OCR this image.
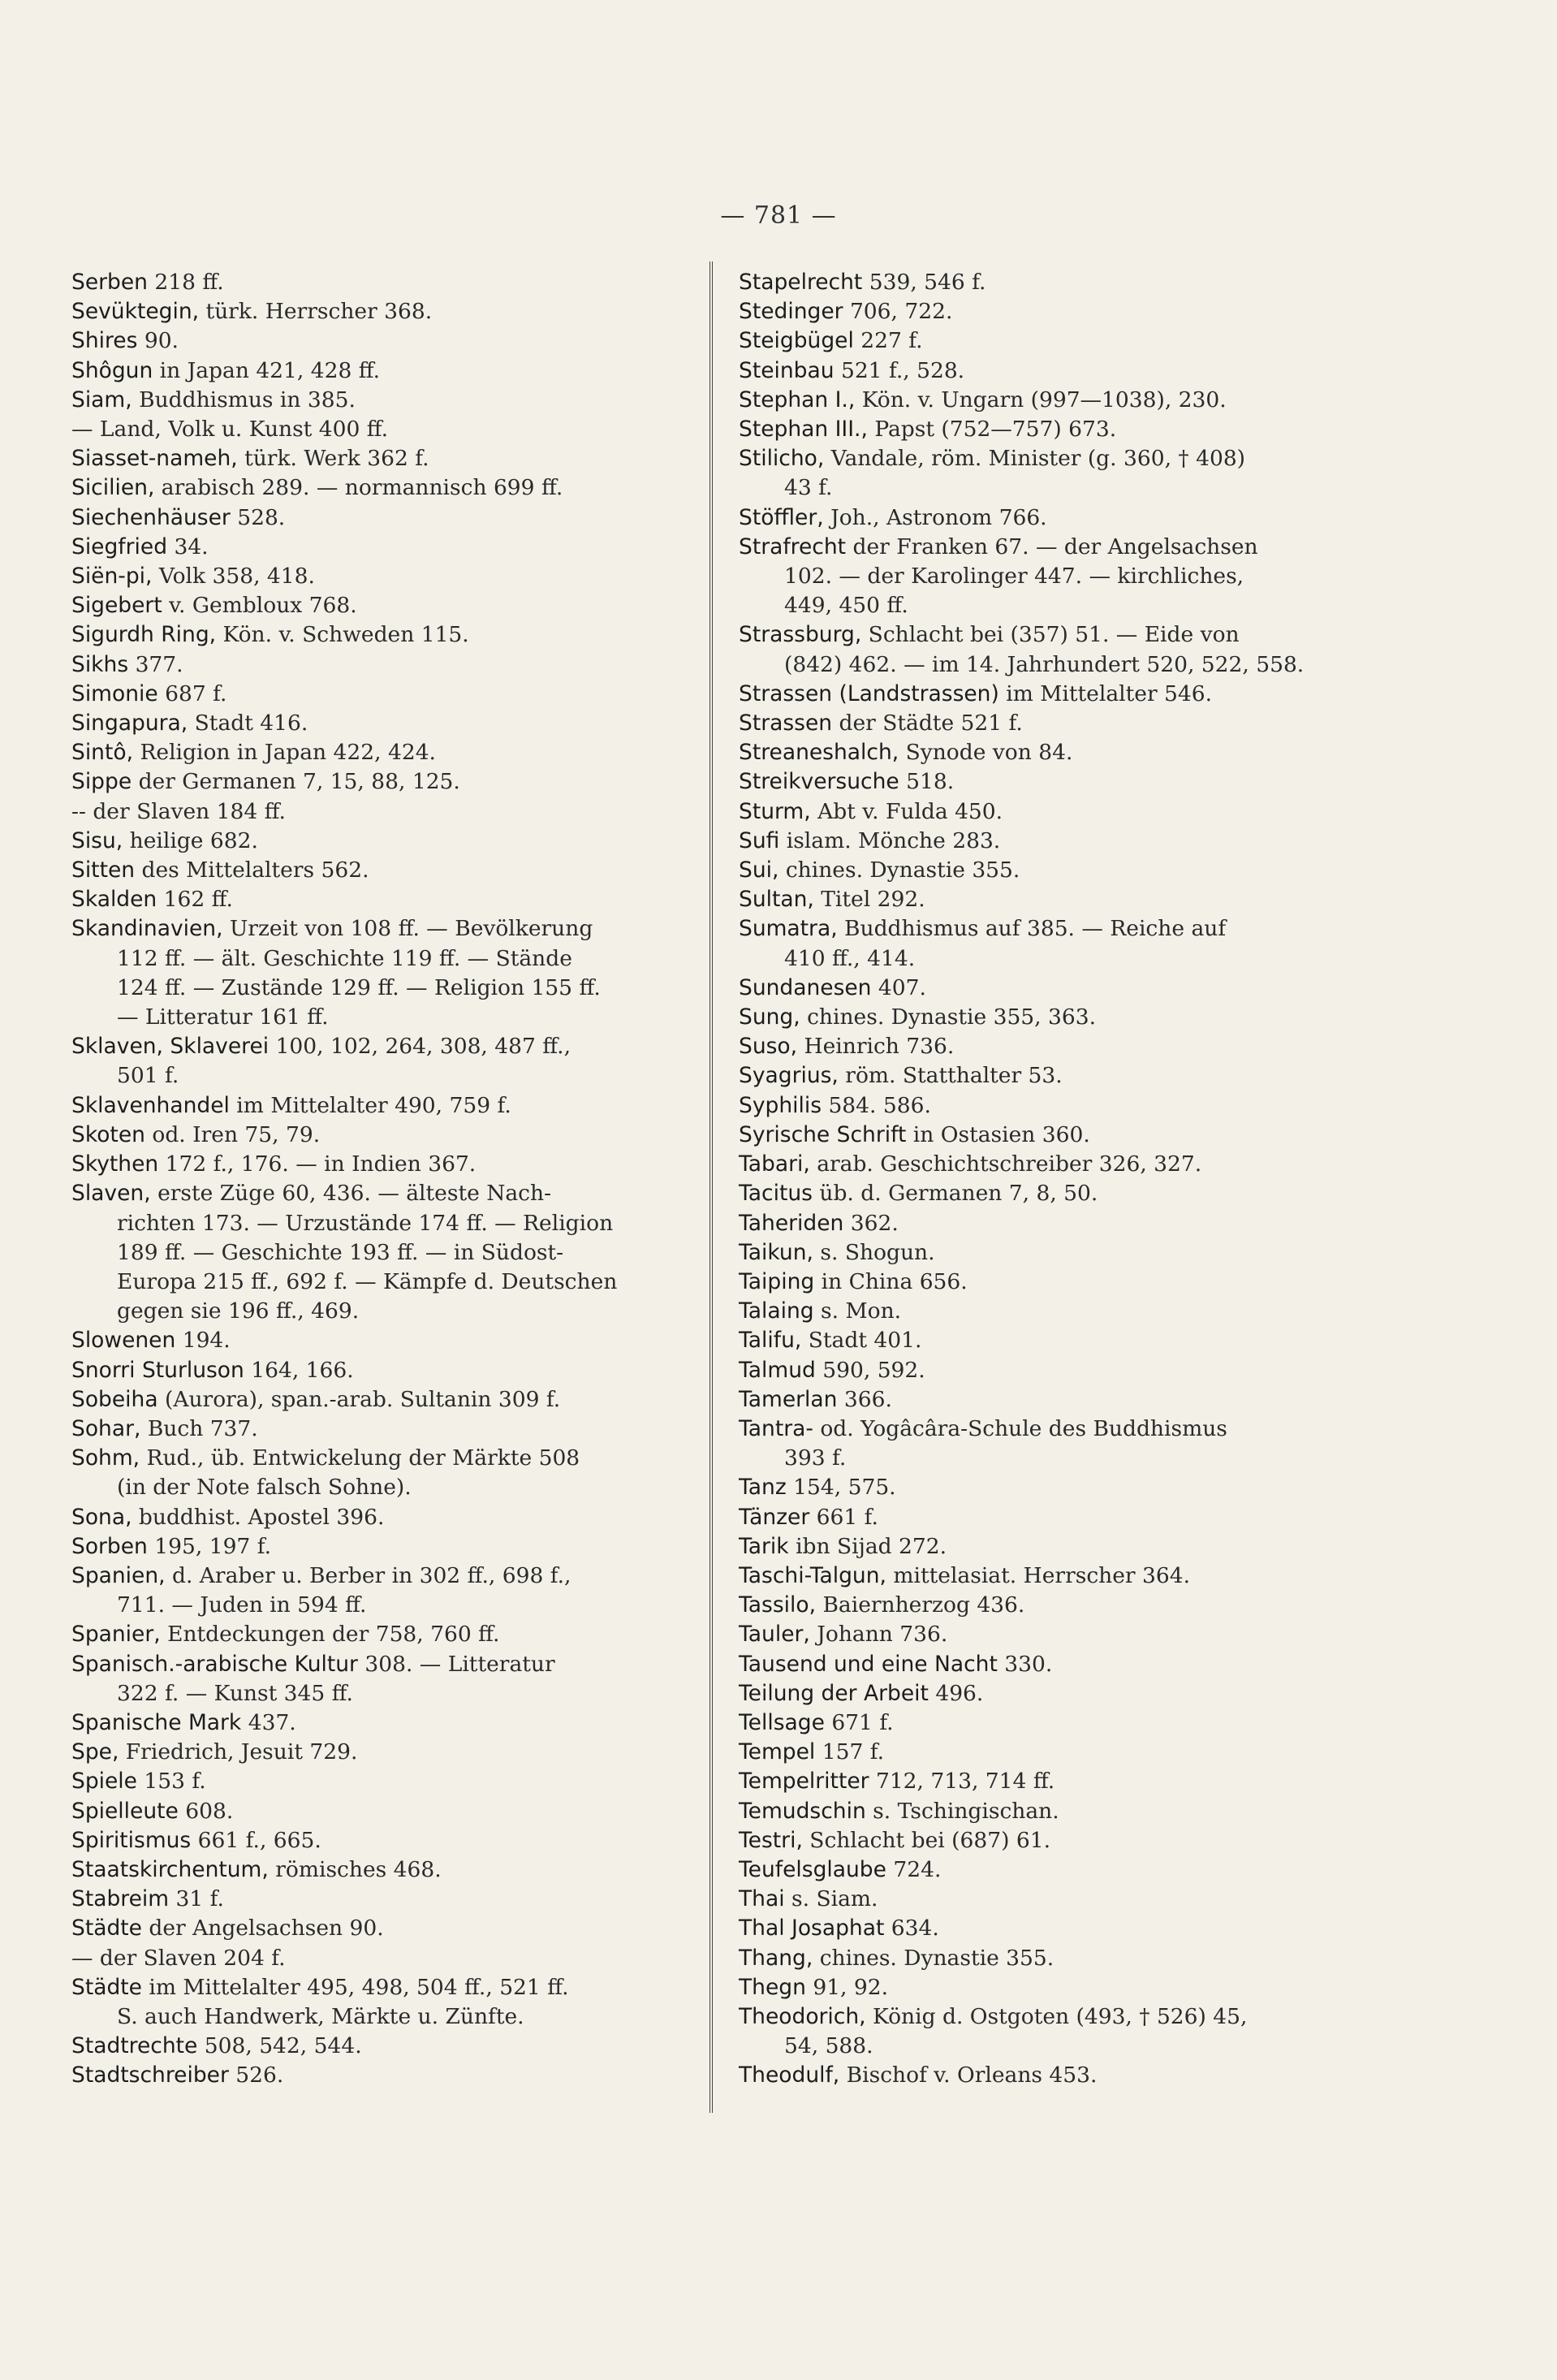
— 781 —
Serben 218 ff.
Sevüktegin, türk. Herrscher 368.
Shires 90.
Shôgun in Japan 421, 428 ff.
Siam, Buddhismus in 385.
— Land, Volk u. Kunst 400 ff.
Siasset-nameh, türk. Werk 362 f.
Sicilien, arabisch 289. — normannisch 699 ff.
Siechenhäuser 528.
Siegfried 34.
Siën-pi, Volk 358, 418.
Sigebert v. Gembloux 768.
Sigurdh Ring, Kön. v. Schweden 115.
Sikhs 377.
Simonie 687 f.
Singapura, Stadt 416.
Sintô, Religion in Japan 422, 424.
Sippe der Germanen 7, 15, 88, 125.
-- der Slaven 184 ff.
Sisu, heilige 682.
Sitten des Mittelalters 562.
Skalden 162 ff.
Skandinavien, Urzeit von 108 ff. — Bevölkerung
112 ff. — ält. Geschichte 119 ff. — Stände
124 ff. — Zustände 129 ff. — Religion 155 ff.
— Litteratur 161 ff.
Sklaven, Sklaverei 100, 102, 264, 308, 487 ff.,
501 f.
Sklavenhandel im Mittelalter 490, 759 f.
Skoten od. Iren 75, 79.
Skythen 172 f., 176. — in Indien 367.
Slaven, erste Züge 60, 436. — älteste Nach-
richten 173. — Urzustände 174 ff. — Religion
189 ff. — Geschichte 193 ff. — in Südost-
Europa 215 ff., 692 f. — Kämpfe d. Deutschen
gegen sie 196 ff., 469.
Slowenen 194.
Snorri Sturluson 164, 166.
Sobeiha (Aurora), span.-arab. Sultanin 309 f.
Sohar, Buch 737.
Sohm, Rud., üb. Entwickelung der Märkte 508
(in der Note falsch Sohne).
Sona, buddhist. Apostel 396.
Sorben 195, 197 f.
Spanien, d. Araber u. Berber in 302 ff., 698 f.,
711. — Juden in 594 ff.
Spanier, Entdeckungen der 758, 760 ff.
Spanisch.-arabische Kultur 308. — Litteratur
322 f. — Kunst 345 ff.
Spanische Mark 437.
Spe, Friedrich, Jesuit 729.
Spiele 153 f.
Spielleute 608.
Spiritismus 661 f., 665.
Staatskirchentum, römisches 468.
Stabreim 31 f.
Städte der Angelsachsen 90.
— der Slaven 204 f.
Städte im Mittelalter 495, 498, 504 ff., 521 ff.
S. auch Handwerk, Märkte u. Zünfte.
Stadtrechte 508, 542, 544.
Stadtschreiber 526.
Stapelrecht 539, 546 f.
Stedinger 706, 722.
Steigbügel 227 f.
Steinbau 521 f., 528.
Stephan I., Kön. v. Ungarn (997—1038), 230.
Stephan III., Papst (752—757) 673.
Stilicho, Vandale, röm. Minister (g. 360, † 408)
43 f.
Stöffler, Joh., Astronom 766.
Strafrecht der Franken 67. — der Angelsachsen
102. — der Karolinger 447. — kirchliches,
449, 450 ff.
Strassburg, Schlacht bei (357) 51. — Eide von
(842) 462. — im 14. Jahrhundert 520, 522, 558.
Strassen (Landstrassen) im Mittelalter 546.
Strassen der Städte 521 f.
Streaneshalch, Synode von 84.
Streikversuche 518.
Sturm, Abt v. Fulda 450.
Sufi islam. Mönche 283.
Sui, chines. Dynastie 355.
Sultan, Titel 292.
Sumatra, Buddhismus auf 385. — Reiche auf
410 ff., 414.
Sundanesen 407.
Sung, chines. Dynastie 355, 363.
Suso, Heinrich 736.
Syagrius, röm. Statthalter 53.
Syphilis 584. 586.
Syrische Schrift in Ostasien 360.
Tabari, arab. Geschichtschreiber 326, 327.
Tacitus üb. d. Germanen 7, 8, 50.
Taheriden 362.
Taikun, s. Shogun.
Taiping in China 656.
Talaing s. Mon.
Talifu, Stadt 401.
Talmud 590, 592.
Tamerlan 366.
Tantra- od. Yogâcâra-Schule des Buddhismus
393 f.
Tanz 154, 575.
Tänzer 661 f.
Tarik ibn Sijad 272.
Taschi-Talgun, mittelasiat. Herrscher 364.
Tassilo, Baiernherzog 436.
Tauler, Johann 736.
Tausend und eine Nacht 330.
Teilung der Arbeit 496.
Tellsage 671 f.
Tempel 157 f.
Tempelritter 712, 713, 714 ff.
Temudschin s. Tschingischan.
Testri, Schlacht bei (687) 61.
Teufelsglaube 724.
Thai s. Siam.
Thal Josaphat 634.
Thang, chines. Dynastie 355.
Thegn 91, 92.
Theodorich, König d. Ostgoten (493, † 526) 45,
54, 588.
Theodulf, Bischof v. Orleans 453.
